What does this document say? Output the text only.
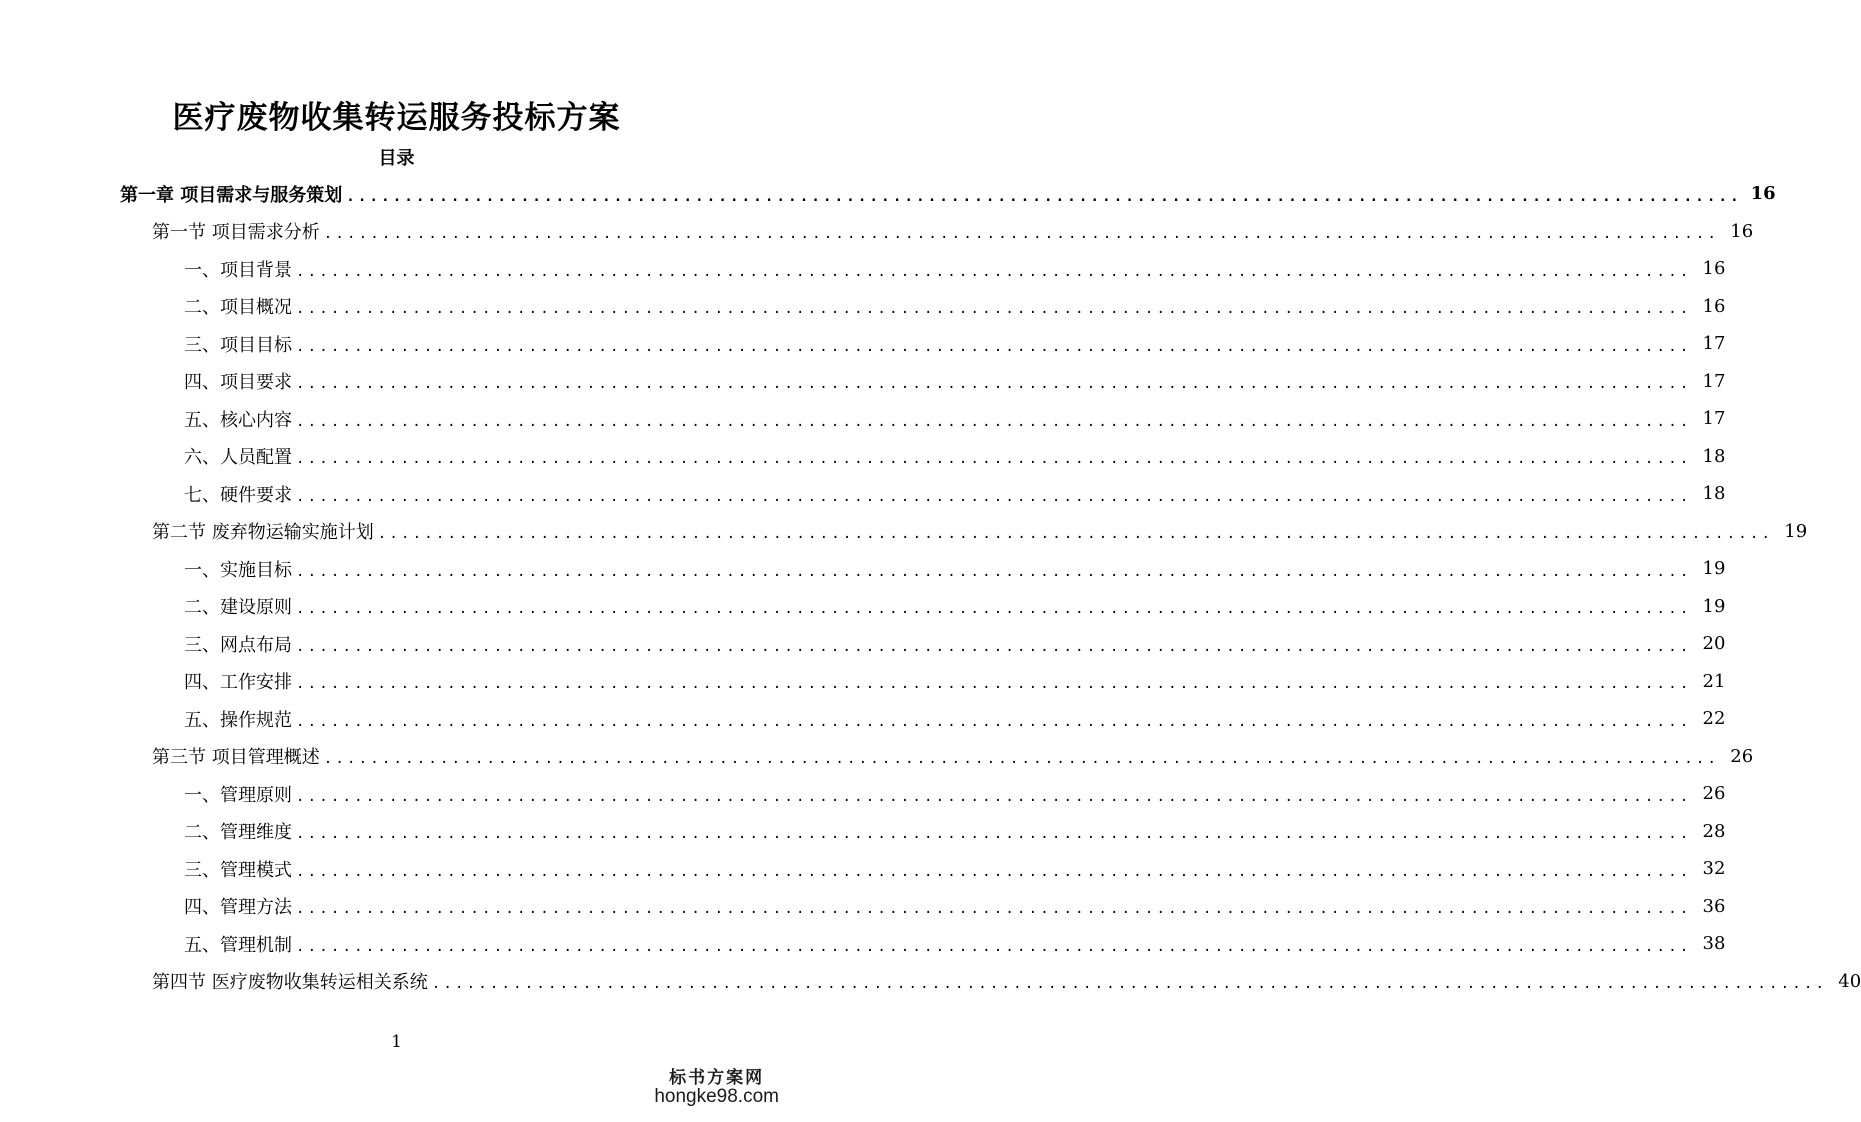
医疗废物收集转运服务投标方案
目录
第一章 项目需求与服务策划 ........................................................................................................................ 16
第一节 项目需求分析 ........................................................................................................................ 16
一、项目背景 ........................................................................................................................ 16
二、项目概况 ........................................................................................................................ 16
三、项目目标 ........................................................................................................................ 17
四、项目要求 ........................................................................................................................ 17
五、核心内容 ........................................................................................................................ 17
六、人员配置 ........................................................................................................................ 18
七、硬件要求 ........................................................................................................................ 18
第二节 废弃物运输实施计划 ........................................................................................................................ 19
一、实施目标 ........................................................................................................................ 19
二、建设原则 ........................................................................................................................ 19
三、网点布局 ........................................................................................................................ 20
四、工作安排 ........................................................................................................................ 21
五、操作规范 ........................................................................................................................ 22
第三节 项目管理概述 ........................................................................................................................ 26
一、管理原则 ........................................................................................................................ 26
二、管理维度 ........................................................................................................................ 28
三、管理模式 ........................................................................................................................ 32
四、管理方法 ........................................................................................................................ 36
五、管理机制 ........................................................................................................................ 38
第四节 医疗废物收集转运相关系统 ........................................................................................................................ 40
1
标书方案网
hongke98.com
